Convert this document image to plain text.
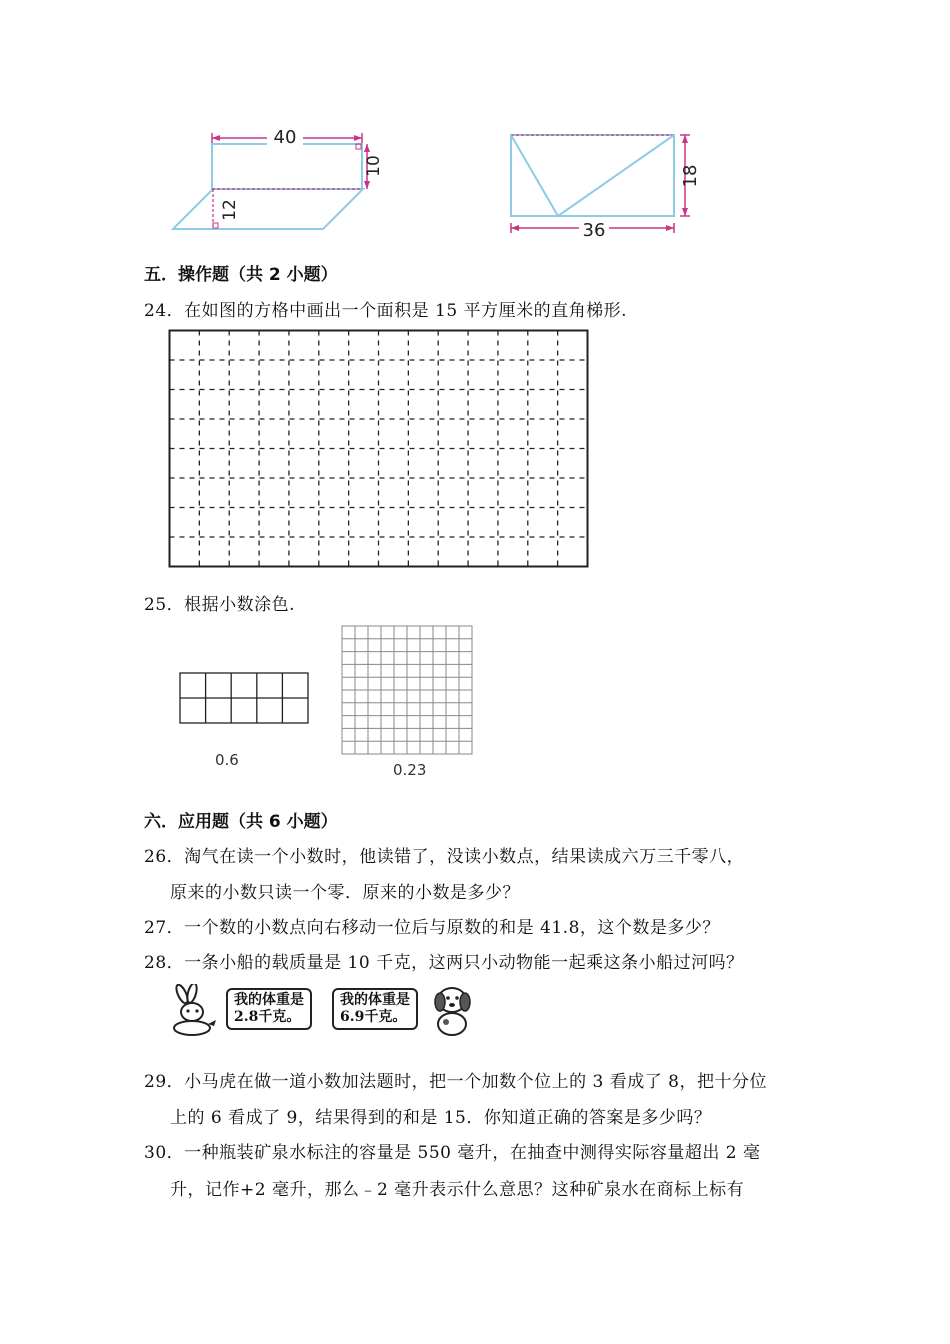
40
10
12
36
18
五．操作题（共 2 小题）
24．在如图的方格中画出一个面积是 15 平方厘米的直角梯形.
25．根据小数涂色.
0.6
0.23
六．应用题（共 6 小题）
26．淘气在读一个小数时，他读错了，没读小数点，结果读成六万三千零八，
原来的小数只读一个零．原来的小数是多少？
27．一个数的小数点向右移动一位后与原数的和是 41.8，这个数是多少？
28．一条小船的载质量是 10 千克，这两只小动物能一起乘这条小船过河吗？
我的体重是
2.8千克。
我的体重是
6.9千克。
29．小马虎在做一道小数加法题时，把一个加数个位上的 3 看成了 8，把十分位
上的 6 看成了 9，结果得到的和是 15．你知道正确的答案是多少吗？
30．一种瓶装矿泉水标注的容量是 550 毫升，在抽查中测得实际容量超出 2 毫
升，记作+2 毫升，那么﹣2 毫升表示什么意思？这种矿泉水在商标上标有
